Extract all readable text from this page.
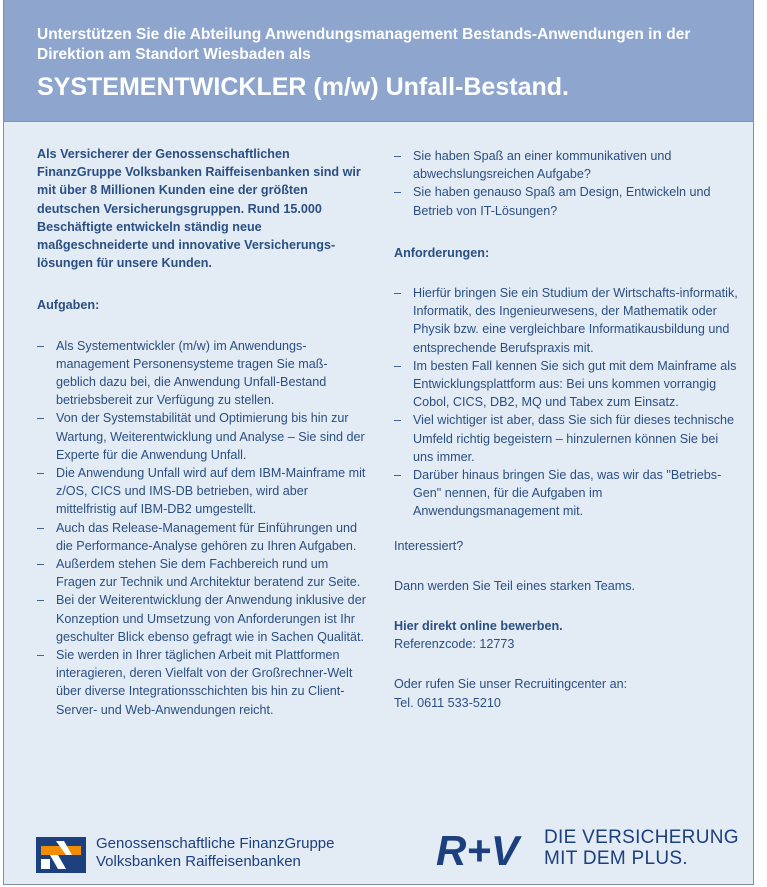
Unterstützen Sie die Abteilung Anwendungsmanagement Bestands-Anwendungen in der Direktion am Standort Wiesbaden als
SYSTEMENTWICKLER (m/w) Unfall-Bestand.

Als Versicherer der Genossenschaftlichen FinanzGruppe Volksbanken Raiffeisenbanken sind wir mit über 8 Millionen Kunden eine der größten deutschen Versicherungsgruppen. Rund 15.000 Beschäftigte entwickeln ständig neue maßgeschneiderte und innovative Versicherungs-lösungen für unsere Kunden.

Aufgaben:
– Als Systementwickler (m/w) im Anwendungs-management Personensysteme tragen Sie maß-geblich dazu bei, die Anwendung Unfall-Bestand betriebsbereit zur Verfügung zu stellen.
– Von der Systemstabilität und Optimierung bis hin zur Wartung, Weiterentwicklung und Analyse – Sie sind der Experte für die Anwendung Unfall.
– Die Anwendung Unfall wird auf dem IBM-Mainframe mit z/OS, CICS und IMS-DB betrieben, wird aber mittelfristig auf IBM-DB2 umgestellt.
– Auch das Release-Management für Einführungen und die Performance-Analyse gehören zu Ihren Aufgaben.
– Außerdem stehen Sie dem Fachbereich rund um Fragen zur Technik und Architektur beratend zur Seite.
– Bei der Weiterentwicklung der Anwendung inklusive der Konzeption und Umsetzung von Anforderungen ist Ihr geschulter Blick ebenso gefragt wie in Sachen Qualität.
– Sie werden in Ihrer täglichen Arbeit mit Plattformen interagieren, deren Vielfalt von der Großrechner-Welt über diverse Integrationsschichten bis hin zu Client-Server- und Web-Anwendungen reicht.
– Sie haben Spaß an einer kommunikativen und abwechslungsreichen Aufgabe?
– Sie haben genauso Spaß am Design, Entwickeln und Betrieb von IT-Lösungen?
Anforderungen:
– Hierfür bringen Sie ein Studium der Wirtschafts-informatik, Informatik, des Ingenieurwesens, der Mathematik oder Physik bzw. eine vergleichbare Informatikausbildung und entsprechende Berufspraxis mit.
– Im besten Fall kennen Sie sich gut mit dem Mainframe als Entwicklungsplattform aus: Bei uns kommen vorrangig Cobol, CICS, DB2, MQ und Tabex zum Einsatz.
– Viel wichtiger ist aber, dass Sie sich für dieses technische Umfeld richtig begeistern – hinzulernen können Sie bei uns immer.
– Darüber hinaus bringen Sie das, was wir das "Betriebs-Gen" nennen, für die Aufgaben im Anwendungsmanagement mit.

Interessiert?

Dann werden Sie Teil eines starken Teams.

Hier direkt online bewerben.

Referenzcode: 12773

Oder rufen Sie unser Recruitingcenter an:

Tel. 0611 533-5210

Genossenschaftliche FinanzGruppe
Volksbanken Raiffeisenbanken	R+V DIE VERSICHERUNG
MIT DEM PLUS.
